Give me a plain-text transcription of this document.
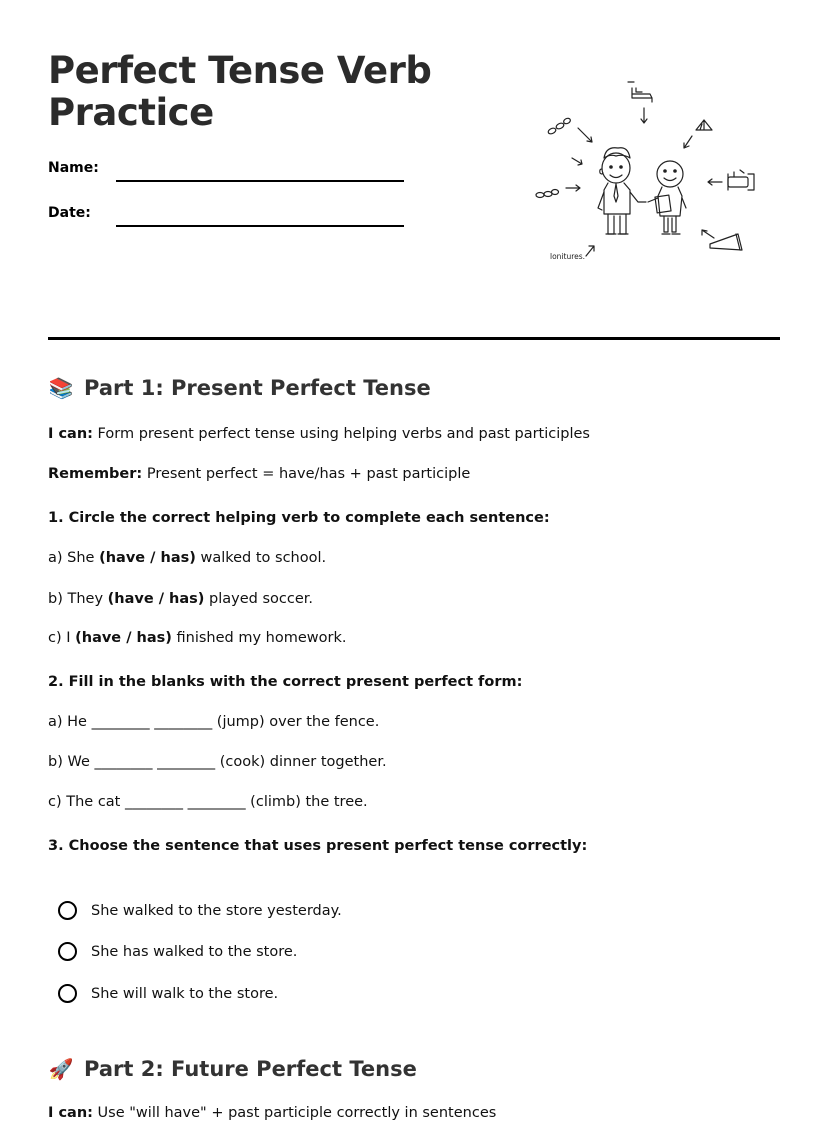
Perfect Tense Verb
Practice
Name:
Date:
lonitures.
📚 Part 1: Present Perfect Tense
I can: Form present perfect tense using helping verbs and past participles
Remember: Present perfect = have/has + past participle
1. Circle the correct helping verb to complete each sentence:
a) She (have / has) walked to school.
b) They (have / has) played soccer.
c) I (have / has) finished my homework.
2. Fill in the blanks with the correct present perfect form:
a) He ________ ________ (jump) over the fence.
b) We ________ ________ (cook) dinner together.
c) The cat ________ ________ (climb) the tree.
3. Choose the sentence that uses present perfect tense correctly:
She walked to the store yesterday.
She has walked to the store.
She will walk to the store.
🚀 Part 2: Future Perfect Tense
I can: Use "will have" + past participle correctly in sentences
